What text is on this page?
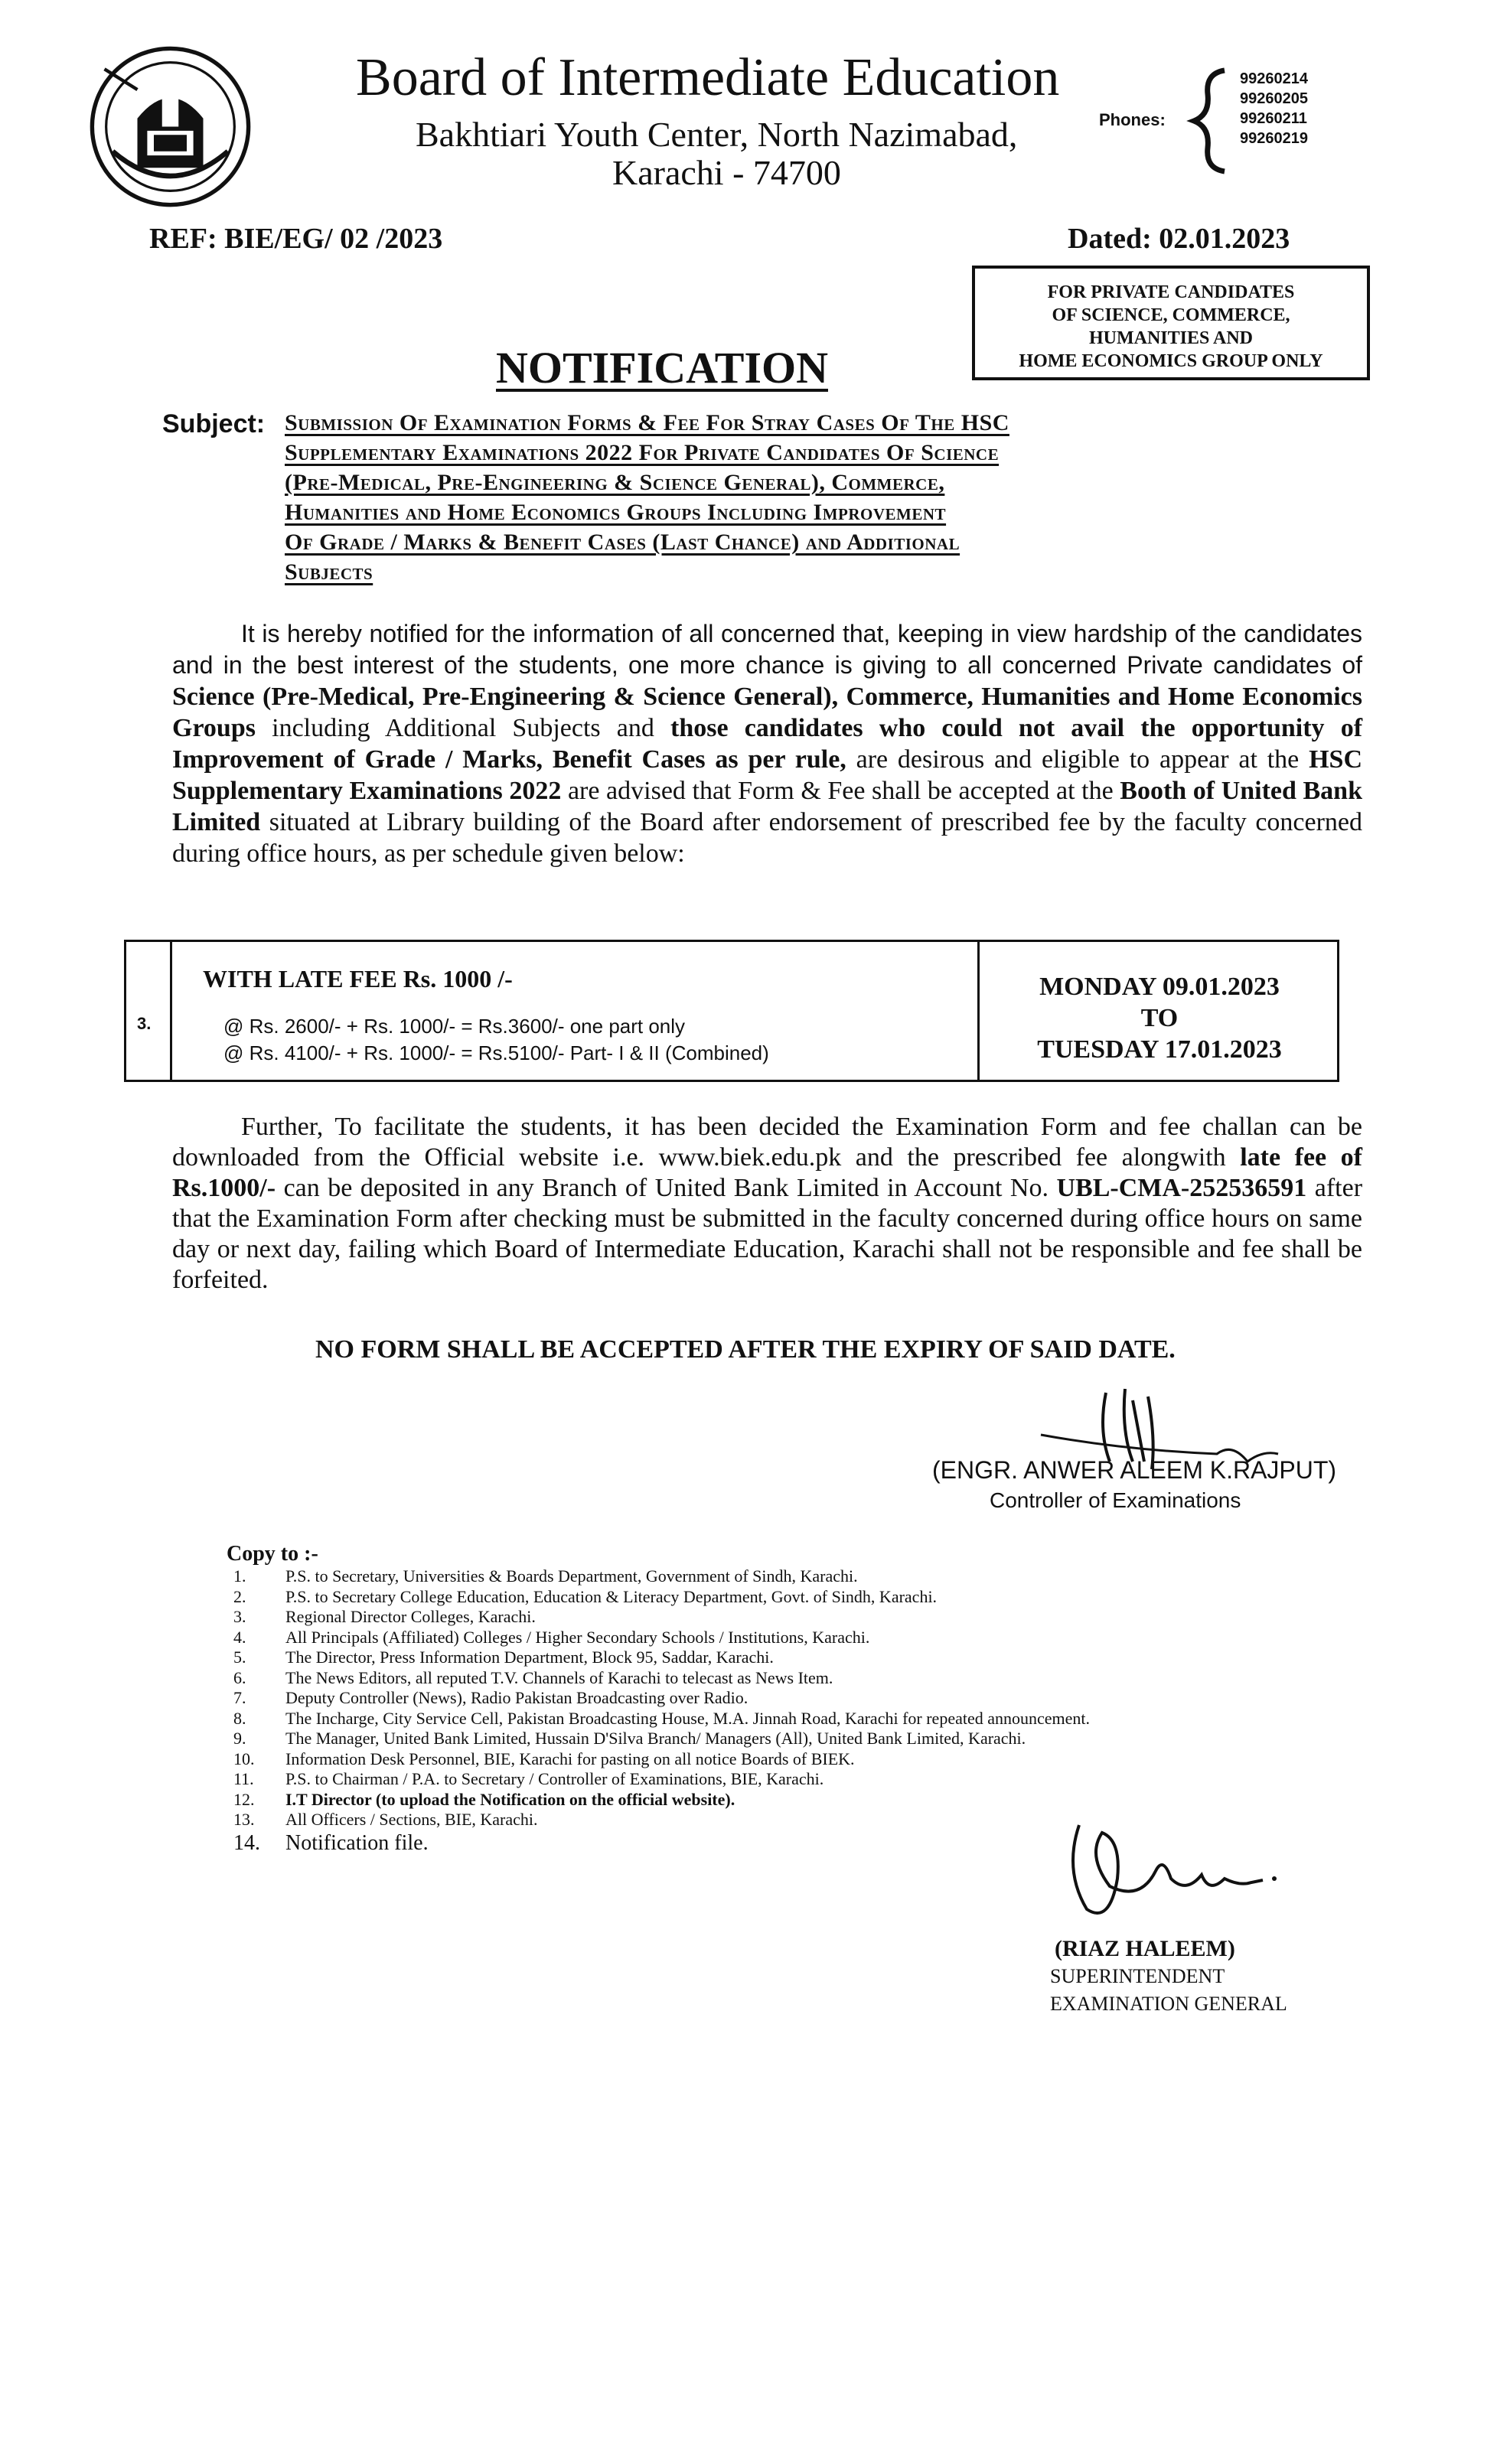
Board of Intermediate Education
Bakhtiari Youth Center, North Nazimabad,
Karachi - 74700
Phones:
99260214
99260205
99260211
99260219
REF: BIE/EG/ 02 /2023	Dated: 02.01.2023
FOR PRIVATE CANDIDATES
OF SCIENCE, COMMERCE,
HUMANITIES AND
HOME ECONOMICS GROUP ONLY
NOTIFICATION
Subject: Submission Of Examination Forms & Fee For Stray Cases Of The HSC
Supplementary Examinations 2022 For Private Candidates Of Science
(Pre-Medical, Pre-Engineering & Science General), Commerce,
Humanities and Home Economics Groups Including Improvement
Of Grade / Marks & Benefit Cases (Last Chance) and Additional
Subjects
It is hereby notified for the information of all concerned that, keeping in view hardship of the candidates and in the best interest of the students, one more chance is giving to all concerned Private candidates of Science (Pre-Medical, Pre-Engineering & Science General), Commerce, Humanities and Home Economics Groups including Additional Subjects and those candidates who could not avail the opportunity of Improvement of Grade / Marks, Benefit Cases as per rule, are desirous and eligible to appear at the HSC Supplementary Examinations 2022 are advised that Form & Fee shall be accepted at the Booth of United Bank Limited situated at Library building of the Board after endorsement of prescribed fee by the faculty concerned during office hours, as per schedule given below:
3.
WITH LATE FEE Rs. 1000 /-
@ Rs. 2600/- + Rs. 1000/- = Rs.3600/- one part only
@ Rs. 4100/- + Rs. 1000/- = Rs.5100/- Part- I & II (Combined)
MONDAY 09.01.2023
TO
TUESDAY 17.01.2023
Further, To facilitate the students, it has been decided the Examination Form and fee challan can be downloaded from the Official website i.e. www.biek.edu.pk and the prescribed fee alongwith late fee of Rs.1000/- can be deposited in any Branch of United Bank Limited in Account No. UBL-CMA-252536591 after that the Examination Form after checking must be submitted in the faculty concerned during office hours on same day or next day, failing which Board of Intermediate Education, Karachi shall not be responsible and fee shall be forfeited.
NO FORM SHALL BE ACCEPTED AFTER THE EXPIRY OF SAID DATE.
(ENGR. ANWER ALEEM K.RAJPUT)
Controller of Examinations
Copy to :-
1. P.S. to Secretary, Universities & Boards Department, Government of Sindh, Karachi.
2. P.S. to Secretary College Education, Education & Literacy Department, Govt. of Sindh, Karachi.
3. Regional Director Colleges, Karachi.
4. All Principals (Affiliated) Colleges / Higher Secondary Schools / Institutions, Karachi.
5. The Director, Press Information Department, Block 95, Saddar, Karachi.
6. The News Editors, all reputed T.V. Channels of Karachi to telecast as News Item.
7. Deputy Controller (News), Radio Pakistan Broadcasting over Radio.
8. The Incharge, City Service Cell, Pakistan Broadcasting House, M.A. Jinnah Road, Karachi for repeated announcement.
9. The Manager, United Bank Limited, Hussain D'Silva Branch/ Managers (All), United Bank Limited, Karachi.
10. Information Desk Personnel, BIE, Karachi for pasting on all notice Boards of BIEK.
11. P.S. to Chairman / P.A. to Secretary / Controller of Examinations, BIE, Karachi.
12. I.T Director (to upload the Notification on the official website).
13. All Officers / Sections, BIE, Karachi.
14. Notification file.
(RIAZ HALEEM)
SUPERINTENDENT
EXAMINATION GENERAL
